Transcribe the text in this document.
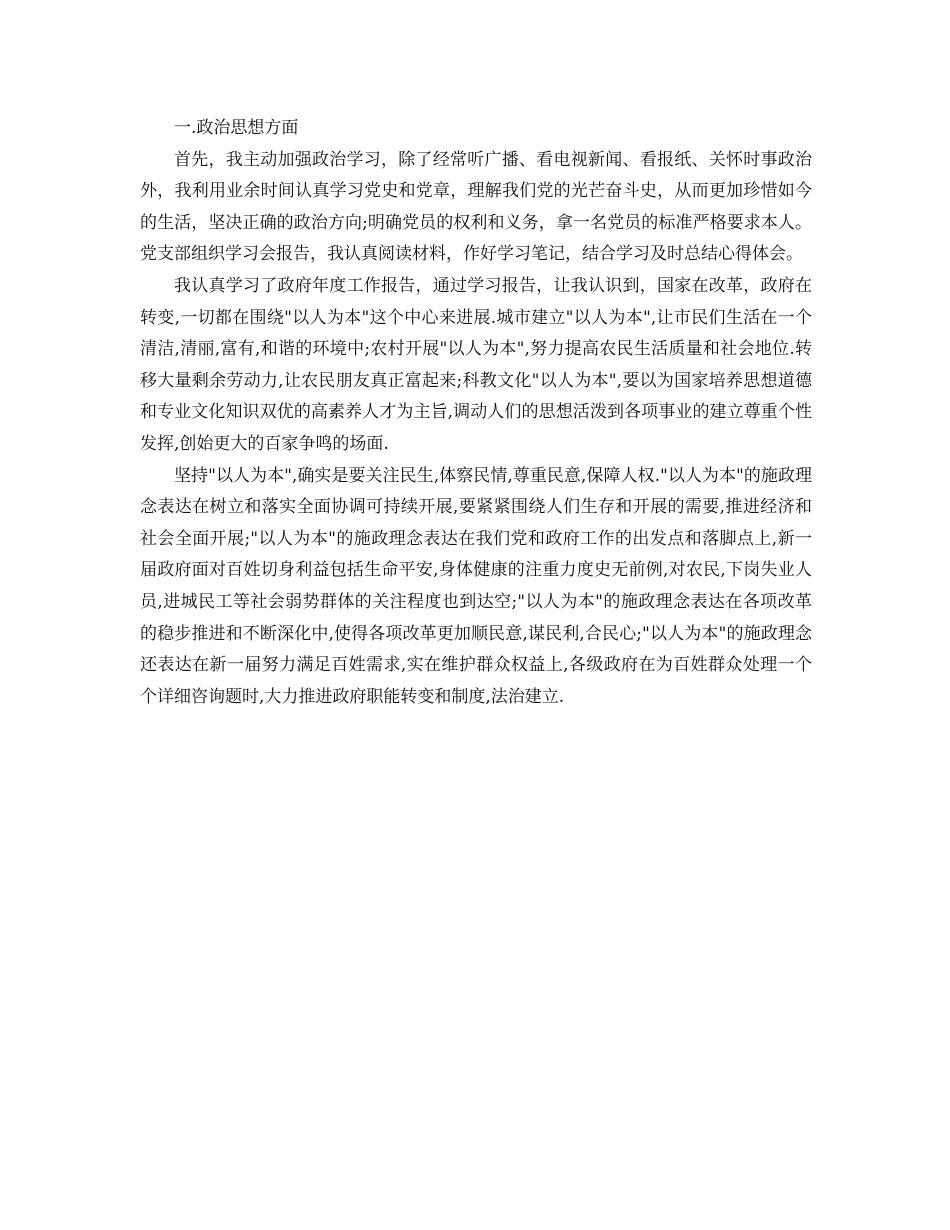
一.政治思想方面

首先，我主动加强政治学习，除了经常听广播、看电视新闻、看报纸、关怀时事政治外，我利用业余时间认真学习党史和党章，理解我们党的光芒奋斗史，从而更加珍惜如今的生活，坚决正确的政治方向;明确党员的权利和义务，拿一名党员的标准严格要求本人。党支部组织学习会报告，我认真阅读材料，作好学习笔记，结合学习及时总结心得体会。

我认真学习了政府年度工作报告，通过学习报告，让我认识到，国家在改革，政府在转变,一切都在围绕"以人为本"这个中心来进展.城市建立"以人为本",让市民们生活在一个清洁,清丽,富有,和谐的环境中;农村开展"以人为本",努力提高农民生活质量和社会地位.转移大量剩余劳动力,让农民朋友真正富起来;科教文化"以人为本",要以为国家培养思想道德和专业文化知识双优的高素养人才为主旨,调动人们的思想活泼到各项事业的建立尊重个性发挥,创始更大的百家争鸣的场面.

坚持"以人为本",确实是要关注民生,体察民情,尊重民意,保障人权."以人为本"的施政理念表达在树立和落实全面协调可持续开展,要紧紧围绕人们生存和开展的需要,推进经济和社会全面开展;"以人为本"的施政理念表达在我们党和政府工作的出发点和落脚点上,新一届政府面对百姓切身利益包括生命平安,身体健康的注重力度史无前例,对农民,下岗失业人员,进城民工等社会弱势群体的关注程度也到达空;"以人为本"的施政理念表达在各项改革的稳步推进和不断深化中,使得各项改革更加顺民意,谋民利,合民心;"以人为本"的施政理念还表达在新一届努力满足百姓需求,实在维护群众权益上,各级政府在为百姓群众处理一个个详细咨询题时,大力推进政府职能转变和制度,法治建立.
